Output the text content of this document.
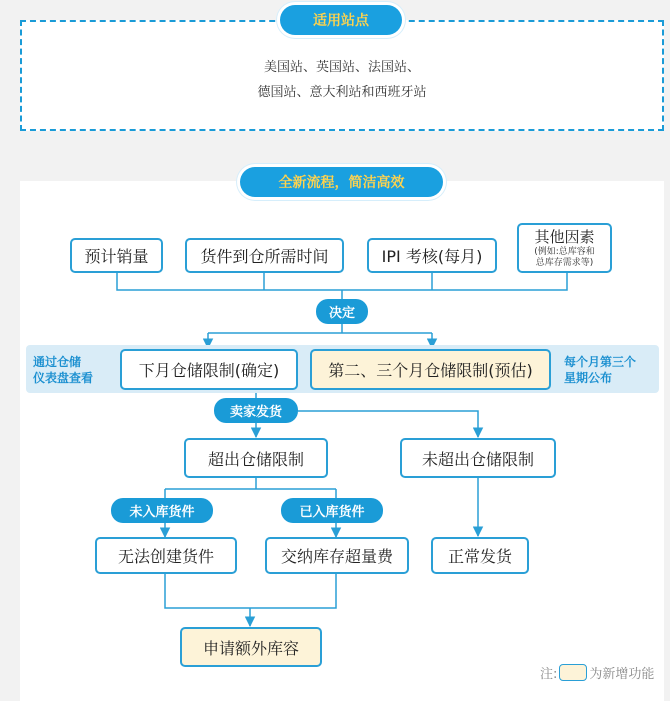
适用站点
美国站、英国站、法国站、
德国站、意大利站和西班牙站
全新流程，简洁高效
预计销量	货件到仓所需时间	IPI 考核(每月)
其他因素
(例如:总库容和
总库存需求等)
决定
通过仓储
仪表盘查看	下月仓储限制(确定)	第二、三个月仓储限制(预估)	每个月第三个
星期公布
卖家发货
超出仓储限制	未超出仓储限制
未入库货件	已入库货件
无法创建货件	交纳库存超量费	正常发货
申请额外库容
注: 为新增功能
